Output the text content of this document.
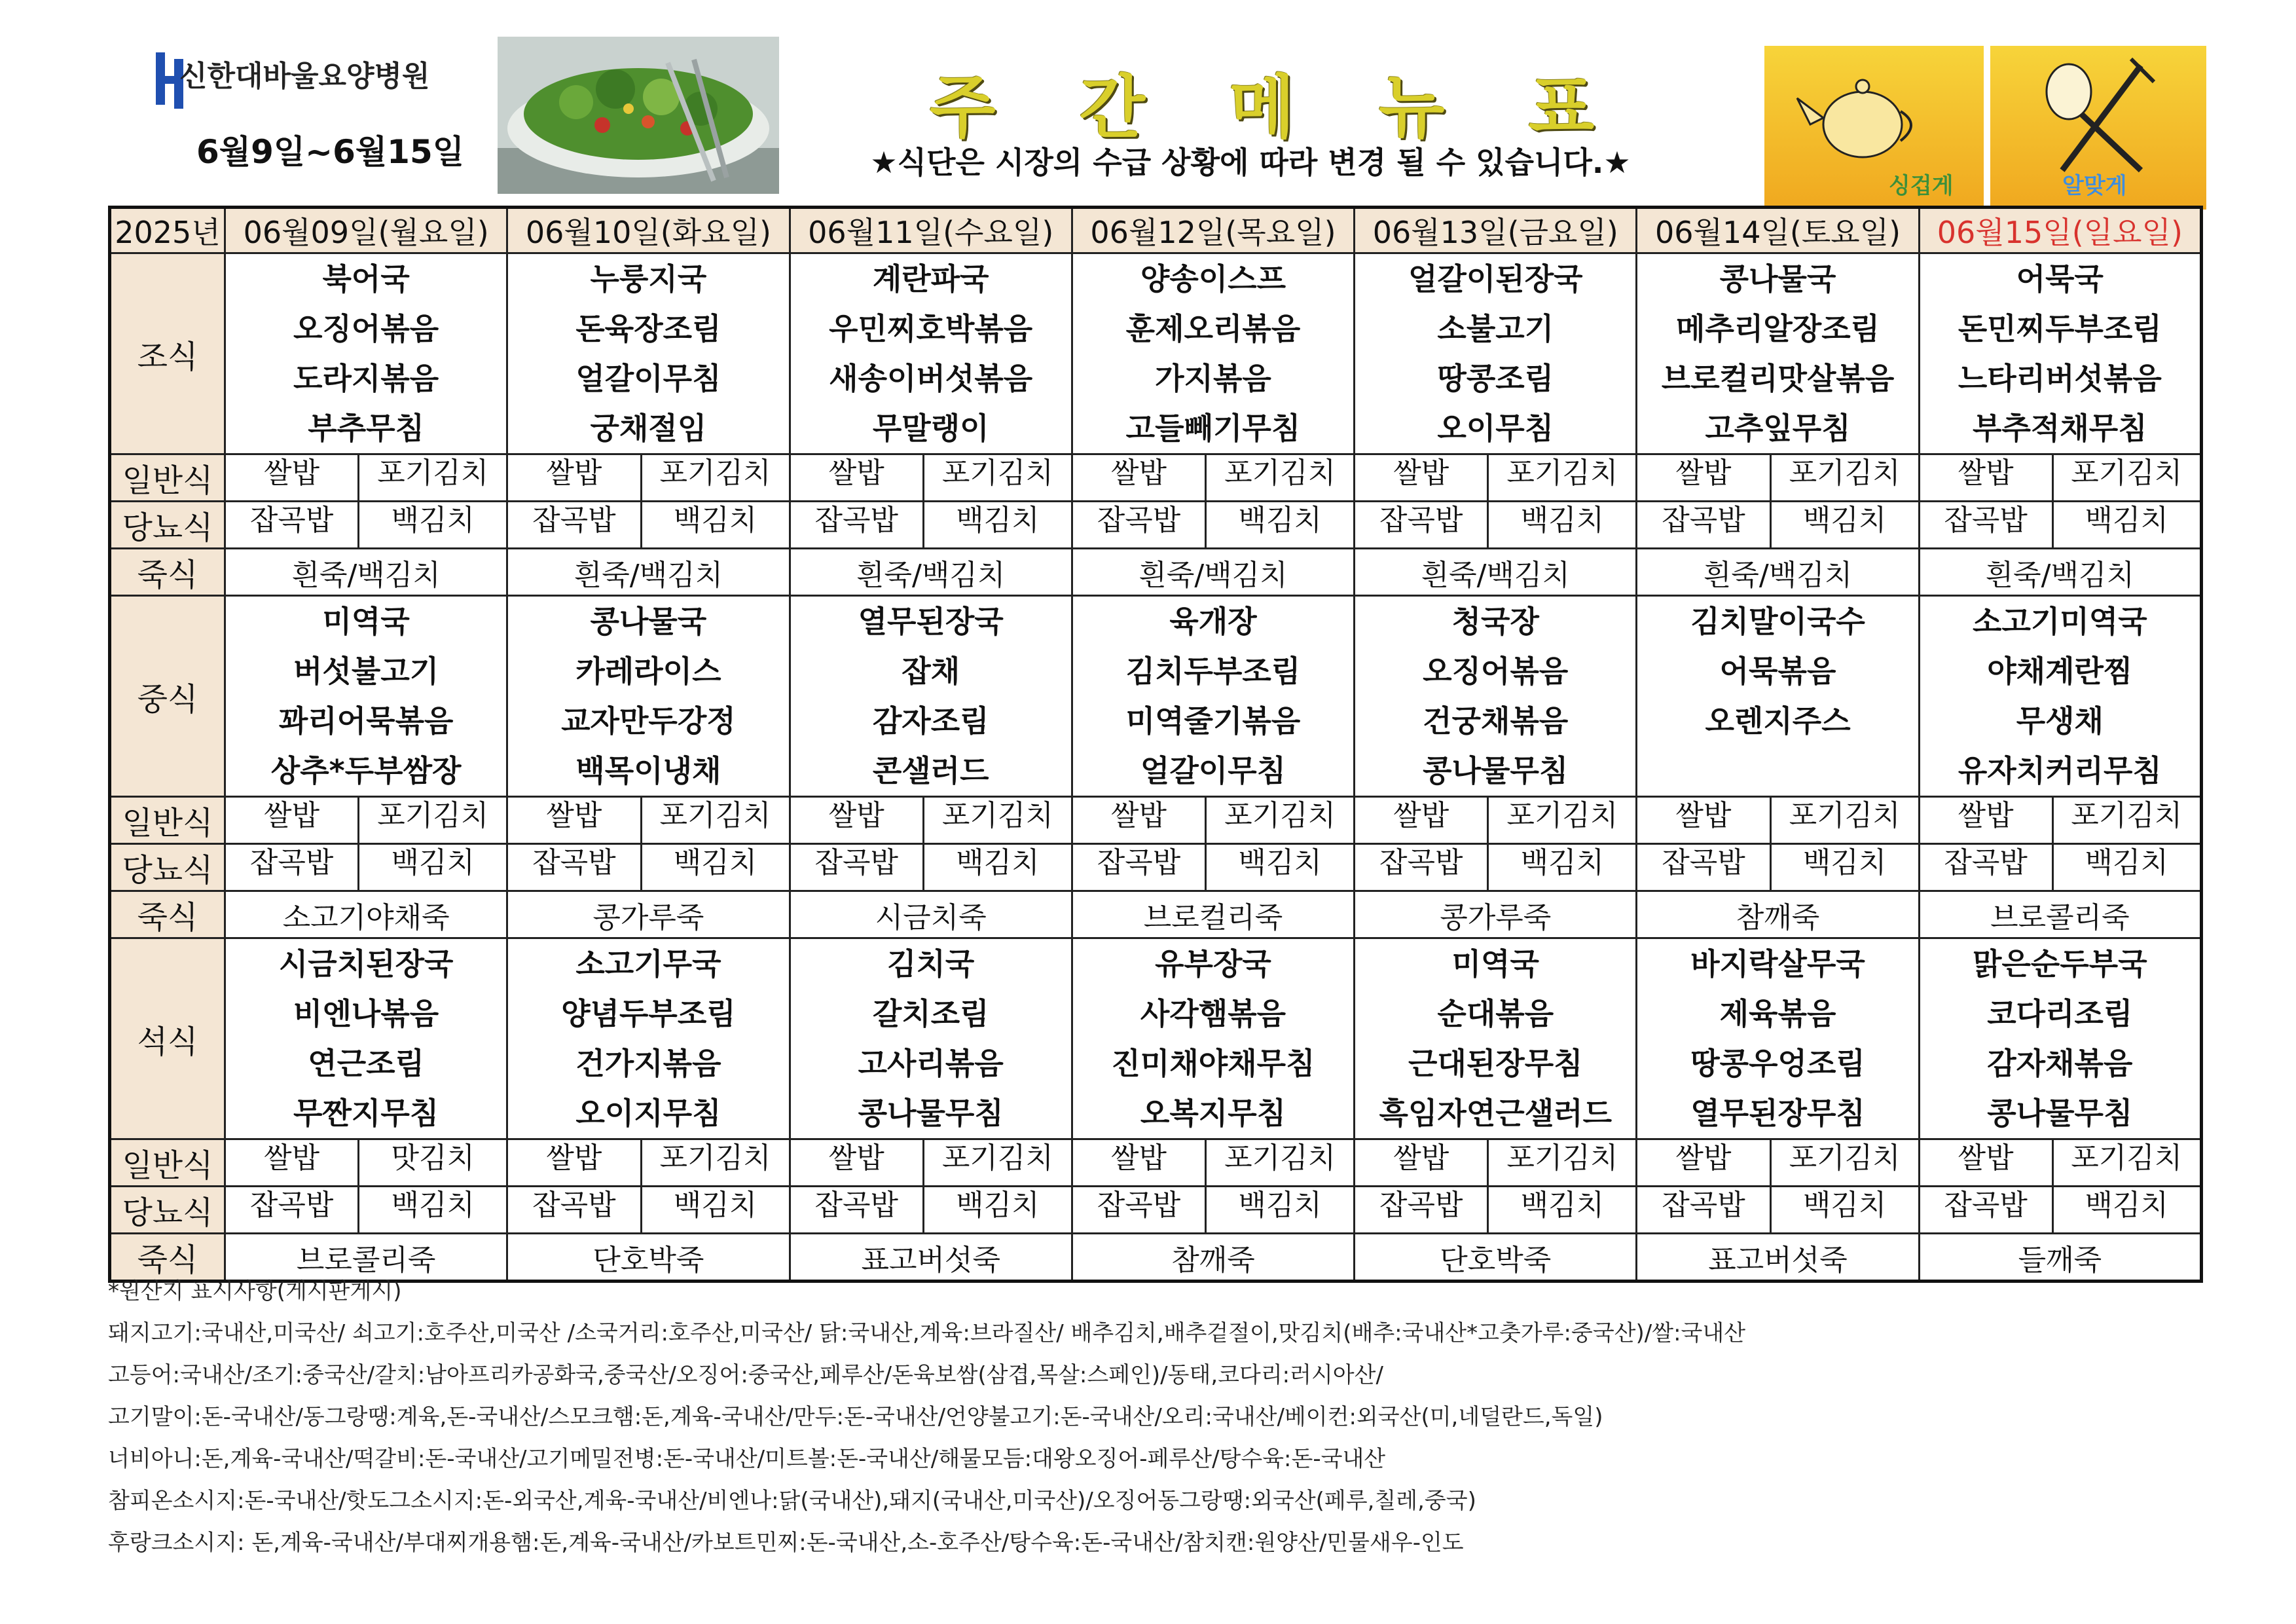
신한대바울요양병원
6월9일~6월15일
주 간 메 뉴 표
★식단은 시장의 수급 상황에 따라 변경 될 수 있습니다.★
싱겁게	알맞게
2025년	06월09일(월요일)	06월10일(화요일)	06월11일(수요일)	06월12일(목요일)	06월13일(금요일)	06월14일(토요일)	06월15일(일요일)
조식	북어국
오징어볶음
도라지볶음
부추무침	누룽지국
돈육장조림
얼갈이무침
궁채절임	계란파국
우민찌호박볶음
새송이버섯볶음
무말랭이	양송이스프
훈제오리볶음
가지볶음
고들빼기무침	얼갈이된장국
소불고기
땅콩조림
오이무침	콩나물국
메추리알장조림
브로컬리맛살볶음
고추잎무침	어묵국
돈민찌두부조림
느타리버섯볶음
부추적채무침

일반식	쌀밥 포기김치	쌀밥 포기김치	쌀밥 포기김치	쌀밥 포기김치	쌀밥 포기김치	쌀밥 포기김치	쌀밥 포기김치

당뇨식	잡곡밥 백김치	잡곡밥 백김치	잡곡밥 백김치	잡곡밥 백김치	잡곡밥 백김치	잡곡밥 백김치	잡곡밥 백김치

죽식	흰죽/백김치	흰죽/백김치	흰죽/백김치	흰죽/백김치	흰죽/백김치	흰죽/백김치	흰죽/백김치
중식	미역국
버섯불고기
꽈리어묵볶음
상추*두부쌈장	콩나물국
카레라이스
교자만두강정
백목이냉채	열무된장국
잡채
감자조림
콘샐러드	육개장
김치두부조림
미역줄기볶음
얼갈이무침	청국장
오징어볶음
건궁채볶음
콩나물무침	김치말이국수
어묵볶음
오렌지주스	소고기미역국
야채계란찜
무생채
유자치커리무침

일반식	쌀밥 포기김치	쌀밥 포기김치	쌀밥 포기김치	쌀밥 포기김치	쌀밥 포기김치	쌀밥 포기김치	쌀밥 포기김치

당뇨식	잡곡밥 백김치	잡곡밥 백김치	잡곡밥 백김치	잡곡밥 백김치	잡곡밥 백김치	잡곡밥 백김치	잡곡밥 백김치

죽식	소고기야채죽	콩가루죽	시금치죽	브로컬리죽	콩가루죽	참깨죽	브로콜리죽
석식	시금치된장국
비엔나볶음
연근조림
무짠지무침	소고기무국
양념두부조림
건가지볶음
오이지무침	김치국
갈치조림
고사리볶음
콩나물무침	유부장국
사각햄볶음
진미채야채무침
오복지무침	미역국
순대볶음
근대된장무침
흑임자연근샐러드	바지락살무국
제육볶음
땅콩우엉조림
열무된장무침	맑은순두부국
코다리조림
감자채볶음
콩나물무침

일반식	쌀밥 맛김치	쌀밥 포기김치	쌀밥 포기김치	쌀밥 포기김치	쌀밥 포기김치	쌀밥 포기김치	쌀밥 포기김치

당뇨식	잡곡밥 백김치	잡곡밥 백김치	잡곡밥 백김치	잡곡밥 백김치	잡곡밥 백김치	잡곡밥 백김치	잡곡밥 백김치

죽식	브로콜리죽	단호박죽	표고버섯죽	참깨죽	단호박죽	표고버섯죽	들깨죽
*원산지 표시사항(게시판게시)
돼지고기:국내산,미국산/ 쇠고기:호주산,미국산 /소국거리:호주산,미국산/ 닭:국내산,계육:브라질산/ 배추김치,배추겉절이,맛김치(배추:국내산*고춧가루:중국산)/쌀:국내산
고등어:국내산/조기:중국산/갈치:남아프리카공화국,중국산/오징어:중국산,페루산/돈육보쌈(삼겹,목살:스페인)/동태,코다리:러시아산/
고기말이:돈-국내산/동그랑땡:계육,돈-국내산/스모크햄:돈,계육-국내산/만두:돈-국내산/언양불고기:돈-국내산/오리:국내산/베이컨:외국산(미,네덜란드,독일)
너비아니:돈,계육-국내산/떡갈비:돈-국내산/고기메밀전병:돈-국내산/미트볼:돈-국내산/해물모듬:대왕오징어-페루산/탕수육:돈-국내산
참피온소시지:돈-국내산/핫도그소시지:돈-외국산,계육-국내산/비엔나:닭(국내산),돼지(국내산,미국산)/오징어동그랑땡:외국산(페루,칠레,중국)
후랑크소시지: 돈,계육-국내산/부대찌개용햄:돈,계육-국내산/카보트민찌:돈-국내산,소-호주산/탕수육:돈-국내산/참치캔:원양산/민물새우-인도
